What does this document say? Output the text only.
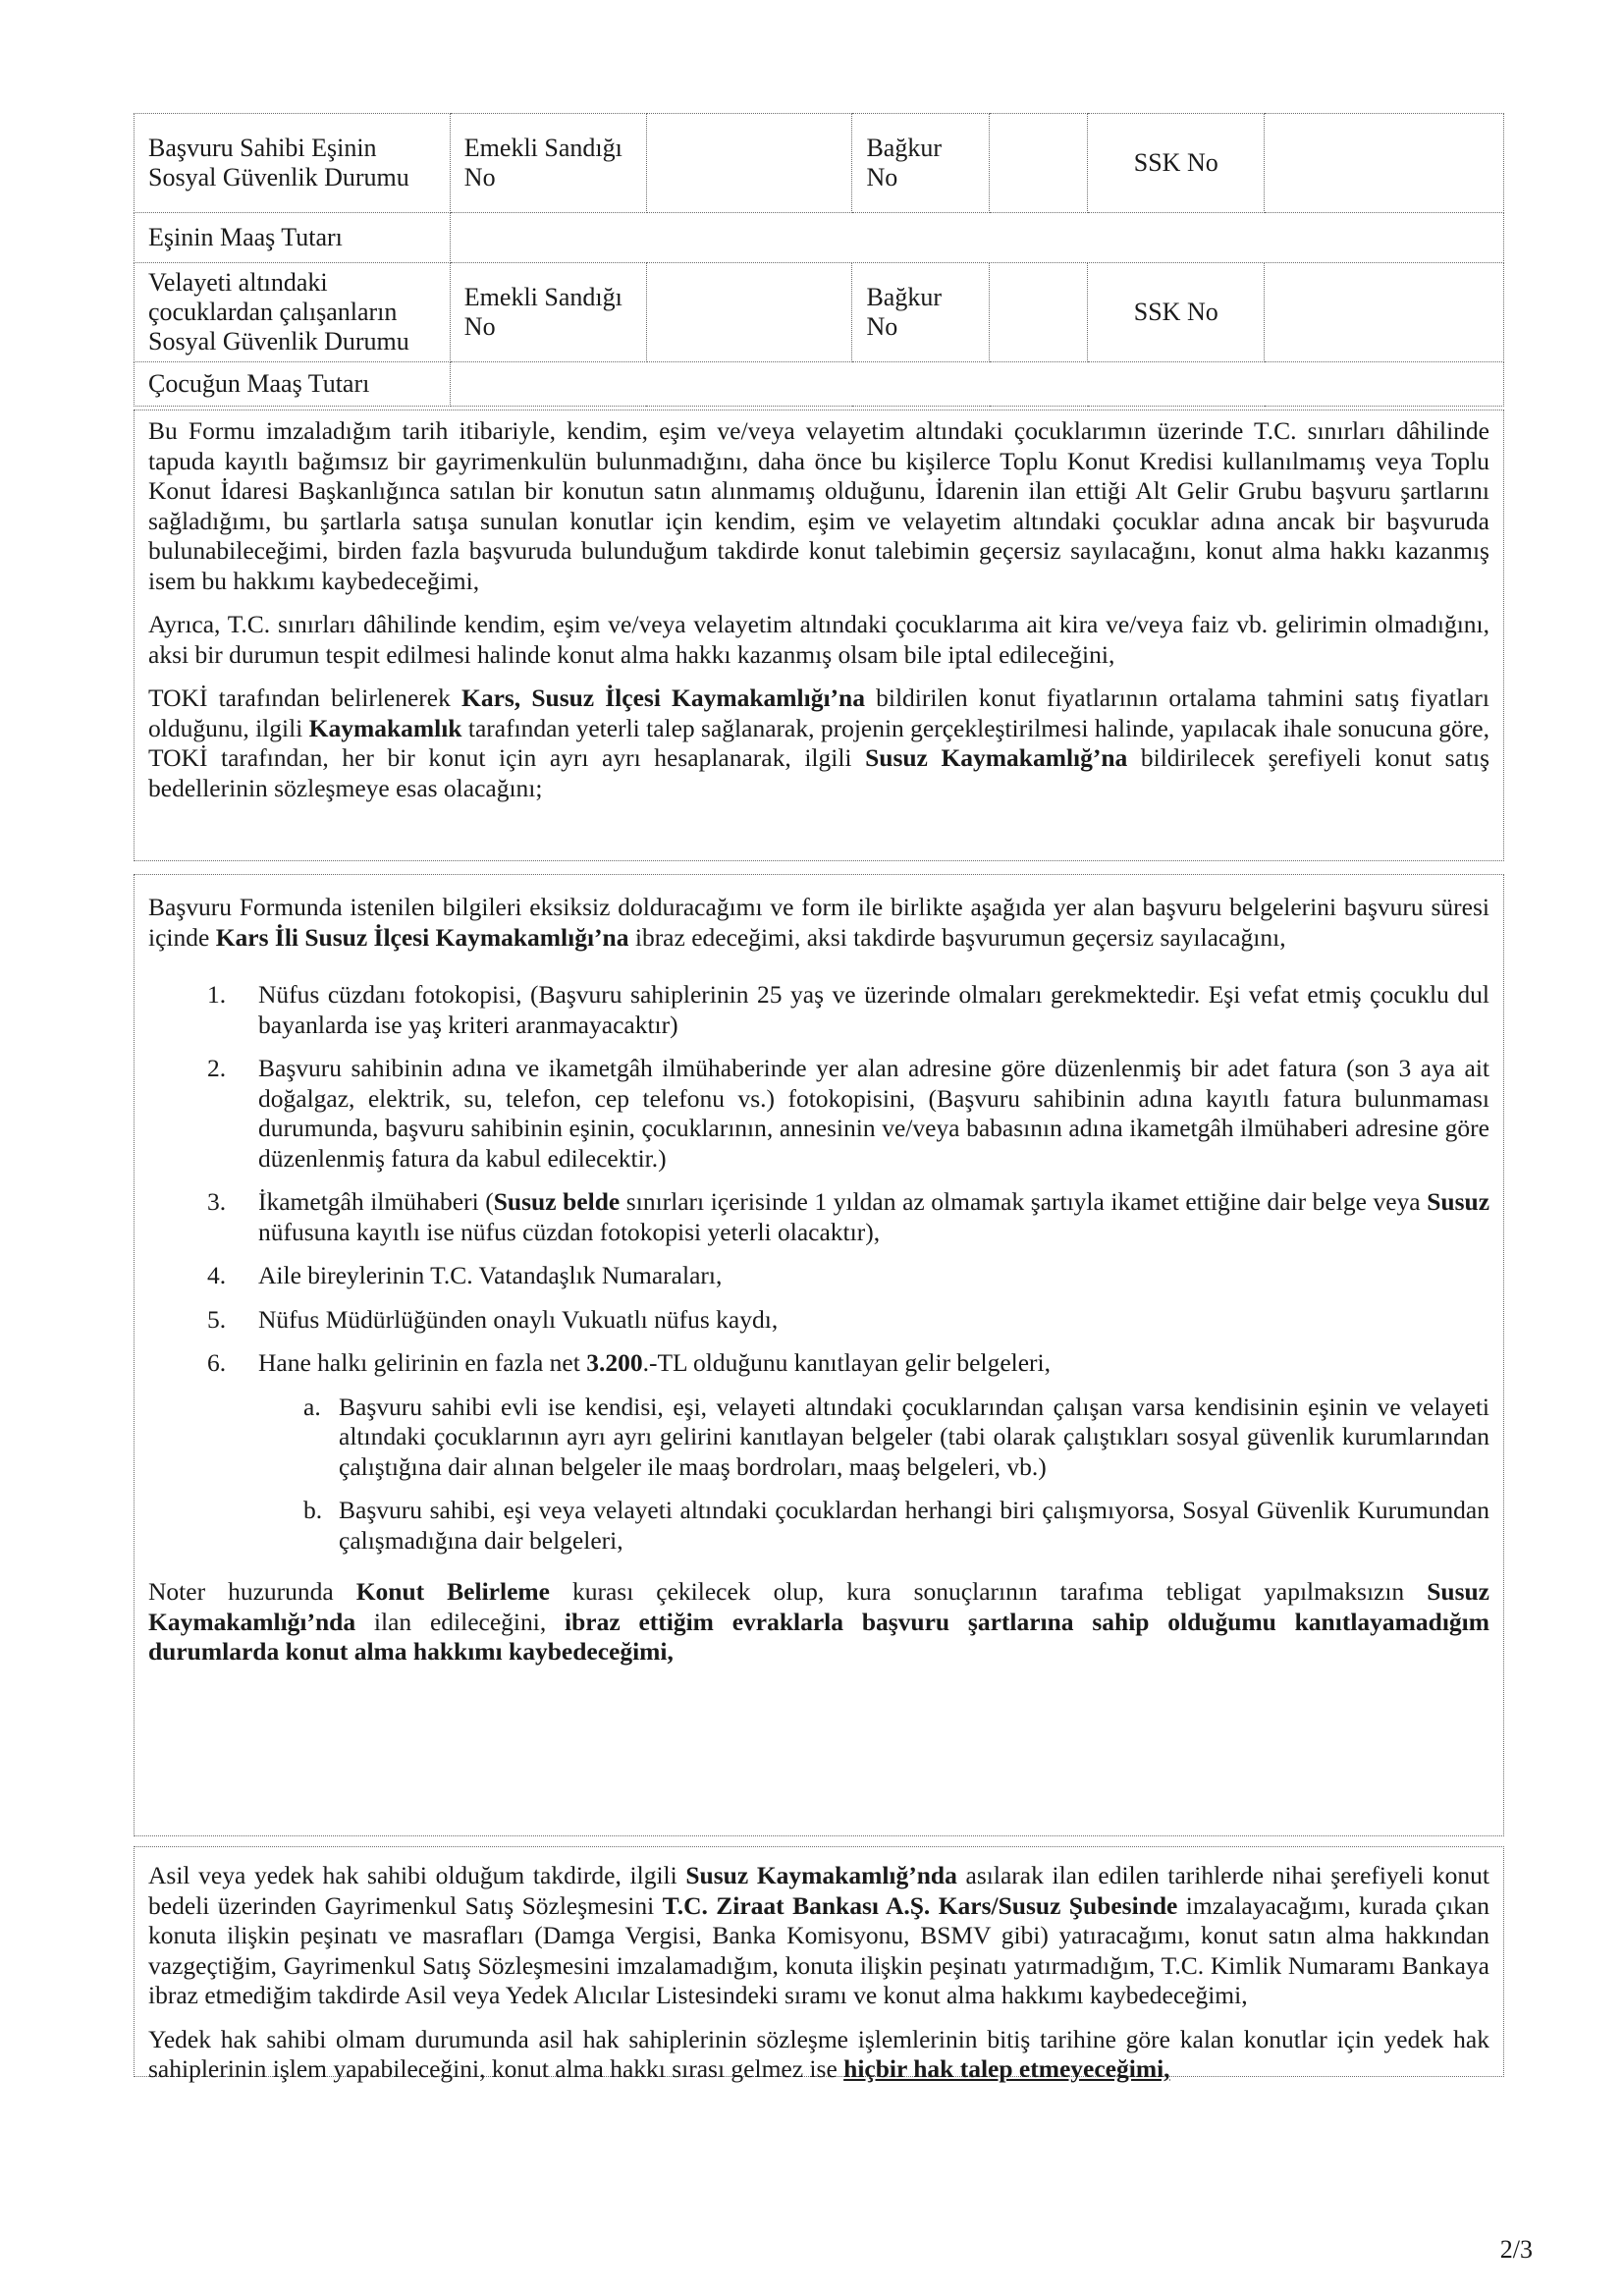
Başvuru Sahibi Eşinin Sosyal Güvenlik Durumu	Emekli Sandığı No		Bağkur No		SSK No	
Eşinin Maaş Tutarı						
Velayeti altındaki çocuklardan çalışanların Sosyal Güvenlik Durumu	Emekli Sandığı No		Bağkur No		SSK No	
Çocuğun Maaş Tutarı						

Bu Formu imzaladığım tarih itibariyle, kendim, eşim ve/veya velayetim altındaki çocuklarımın üzerinde T.C. sınırları dâhilinde tapuda kayıtlı bağımsız bir gayrimenkulün bulunmadığını, daha önce bu kişilerce Toplu Konut Kredisi kullanılmamış veya Toplu Konut İdaresi Başkanlığınca satılan bir konutun satın alınmamış olduğunu, İdarenin ilan ettiği Alt Gelir Grubu başvuru şartlarını sağladığımı, bu şartlarla satışa sunulan konutlar için kendim, eşim ve velayetim altındaki çocuklar adına ancak bir başvuruda bulunabileceğimi, birden fazla başvuruda bulunduğum takdirde konut talebimin geçersiz sayılacağını, konut alma hakkı kazanmış isem bu hakkımı kaybedeceğimi,

Ayrıca, T.C. sınırları dâhilinde kendim, eşim ve/veya velayetim altındaki çocuklarıma ait kira ve/veya faiz vb. gelirimin olmadığını, aksi bir durumun tespit edilmesi halinde konut alma hakkı kazanmış olsam bile iptal edileceğini,

TOKİ tarafından belirlenerek Kars, Susuz İlçesi Kaymakamlığı’na bildirilen konut fiyatlarının ortalama tahmini satış fiyatları olduğunu, ilgili Kaymakamlık tarafından yeterli talep sağlanarak, projenin gerçekleştirilmesi halinde, yapılacak ihale sonucuna göre, TOKİ tarafından, her bir konut için ayrı ayrı hesaplanarak, ilgili Susuz Kaymakamlığ’na bildirilecek şerefiyeli konut satış bedellerinin sözleşmeye esas olacağını;

Başvuru Formunda istenilen bilgileri eksiksiz dolduracağımı ve form ile birlikte aşağıda yer alan başvuru belgelerini başvuru süresi içinde Kars İli Susuz İlçesi Kaymakamlığı’na ibraz edeceğimi, aksi takdirde başvurumun geçersiz sayılacağını,

1. Nüfus cüzdanı fotokopisi, (Başvuru sahiplerinin 25 yaş ve üzerinde olmaları gerekmektedir. Eşi vefat etmiş çocuklu dul bayanlarda ise yaş kriteri aranmayacaktır)
2. Başvuru sahibinin adına ve ikametgâh ilmühaberinde yer alan adresine göre düzenlenmiş bir adet fatura (son 3 aya ait doğalgaz, elektrik, su, telefon, cep telefonu vs.) fotokopisini, (Başvuru sahibinin adına kayıtlı fatura bulunmaması durumunda, başvuru sahibinin eşinin, çocuklarının, annesinin ve/veya babasının adına ikametgâh ilmühaberi adresine göre düzenlenmiş fatura da kabul edilecektir.)
3. İkametgâh ilmühaberi (Susuz belde sınırları içerisinde 1 yıldan az olmamak şartıyla ikamet ettiğine dair belge veya Susuz nüfusuna kayıtlı ise nüfus cüzdan fotokopisi yeterli olacaktır),
4. Aile bireylerinin T.C. Vatandaşlık Numaraları,
5. Nüfus Müdürlüğünden onaylı Vukuatlı nüfus kaydı,
6. Hane halkı gelirinin en fazla net 3.200.-TL olduğunu kanıtlayan gelir belgeleri,
a. Başvuru sahibi evli ise kendisi, eşi, velayeti altındaki çocuklarından çalışan varsa kendisinin eşinin ve velayeti altındaki çocuklarının ayrı ayrı gelirini kanıtlayan belgeler (tabi olarak çalıştıkları sosyal güvenlik kurumlarından çalıştığına dair alınan belgeler ile maaş bordroları, maaş belgeleri, vb.)
b. Başvuru sahibi, eşi veya velayeti altındaki çocuklardan herhangi biri çalışmıyorsa, Sosyal Güvenlik Kurumundan çalışmadığına dair belgeleri,

Noter huzurunda Konut Belirleme kurası çekilecek olup, kura sonuçlarının tarafıma tebligat yapılmaksızın Susuz Kaymakamlığı’nda ilan edileceğini, ibraz ettiğim evraklarla başvuru şartlarına sahip olduğumu kanıtlayamadığım durumlarda konut alma hakkımı kaybedeceğimi,

Asil veya yedek hak sahibi olduğum takdirde, ilgili Susuz Kaymakamlığ’nda asılarak ilan edilen tarihlerde nihai şerefiyeli konut bedeli üzerinden Gayrimenkul Satış Sözleşmesini T.C. Ziraat Bankası A.Ş. Kars/Susuz Şubesinde imzalayacağımı, kurada çıkan konuta ilişkin peşinatı ve masrafları (Damga Vergisi, Banka Komisyonu, BSMV gibi) yatıracağımı, konut satın alma hakkından vazgeçtiğim, Gayrimenkul Satış Sözleşmesini imzalamadığım, konuta ilişkin peşinatı yatırmadığım, T.C. Kimlik Numaramı Bankaya ibraz etmediğim takdirde Asil veya Yedek Alıcılar Listesindeki sıramı ve konut alma hakkımı kaybedeceğimi,

Yedek hak sahibi olmam durumunda asil hak sahiplerinin sözleşme işlemlerinin bitiş tarihine göre kalan konutlar için yedek hak sahiplerinin işlem yapabileceğini, konut alma hakkı sırası gelmez ise hiçbir hak talep etmeyeceğimi,

2/3
